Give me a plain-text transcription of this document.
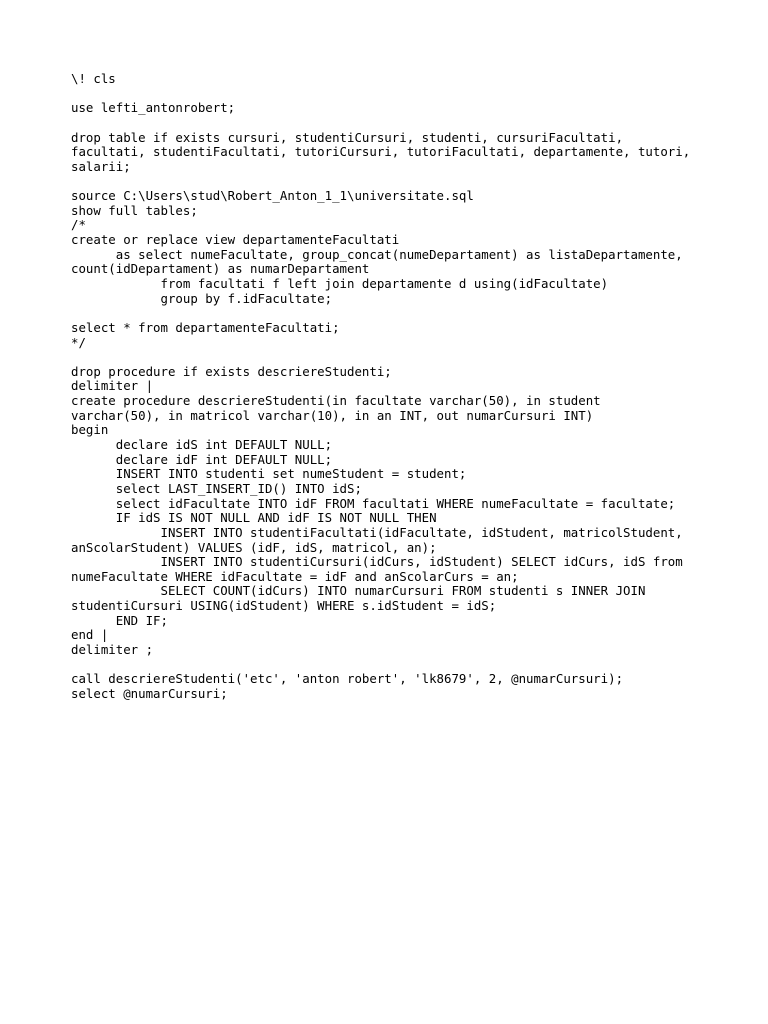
\! cls
use lefti_antonrobert;
drop table if exists cursuri, studentiCursuri, studenti, cursuriFacultati,
facultati, studentiFacultati, tutoriCursuri, tutoriFacultati, departamente, tutori,
salarii;
source C:\Users\stud\Robert_Anton_1_1\universitate.sql
show full tables;
/*
create or replace view departamenteFacultati
as select numeFacultate, group_concat(numeDepartament) as listaDepartamente,
count(idDepartament) as numarDepartament
from facultati f left join departamente d using(idFacultate)
group by f.idFacultate;
select * from departamenteFacultati;
*/
drop procedure if exists descriereStudenti;
delimiter |
create procedure descriereStudenti(in facultate varchar(50), in student
varchar(50), in matricol varchar(10), in an INT, out numarCursuri INT)
begin
declare idS int DEFAULT NULL;
declare idF int DEFAULT NULL;
INSERT INTO studenti set numeStudent = student;
select LAST_INSERT_ID() INTO idS;
select idFacultate INTO idF FROM facultati WHERE numeFacultate = facultate;
IF idS IS NOT NULL AND idF IS NOT NULL THEN
INSERT INTO studentiFacultati(idFacultate, idStudent, matricolStudent,
anScolarStudent) VALUES (idF, idS, matricol, an);
INSERT INTO studentiCursuri(idCurs, idStudent) SELECT idCurs, idS from
numeFacultate WHERE idFacultate = idF and anScolarCurs = an;
SELECT COUNT(idCurs) INTO numarCursuri FROM studenti s INNER JOIN
studentiCursuri USING(idStudent) WHERE s.idStudent = idS;
END IF;
end |
delimiter ;
call descriereStudenti('etc', 'anton robert', 'lk8679', 2, @numarCursuri);
select @numarCursuri;
